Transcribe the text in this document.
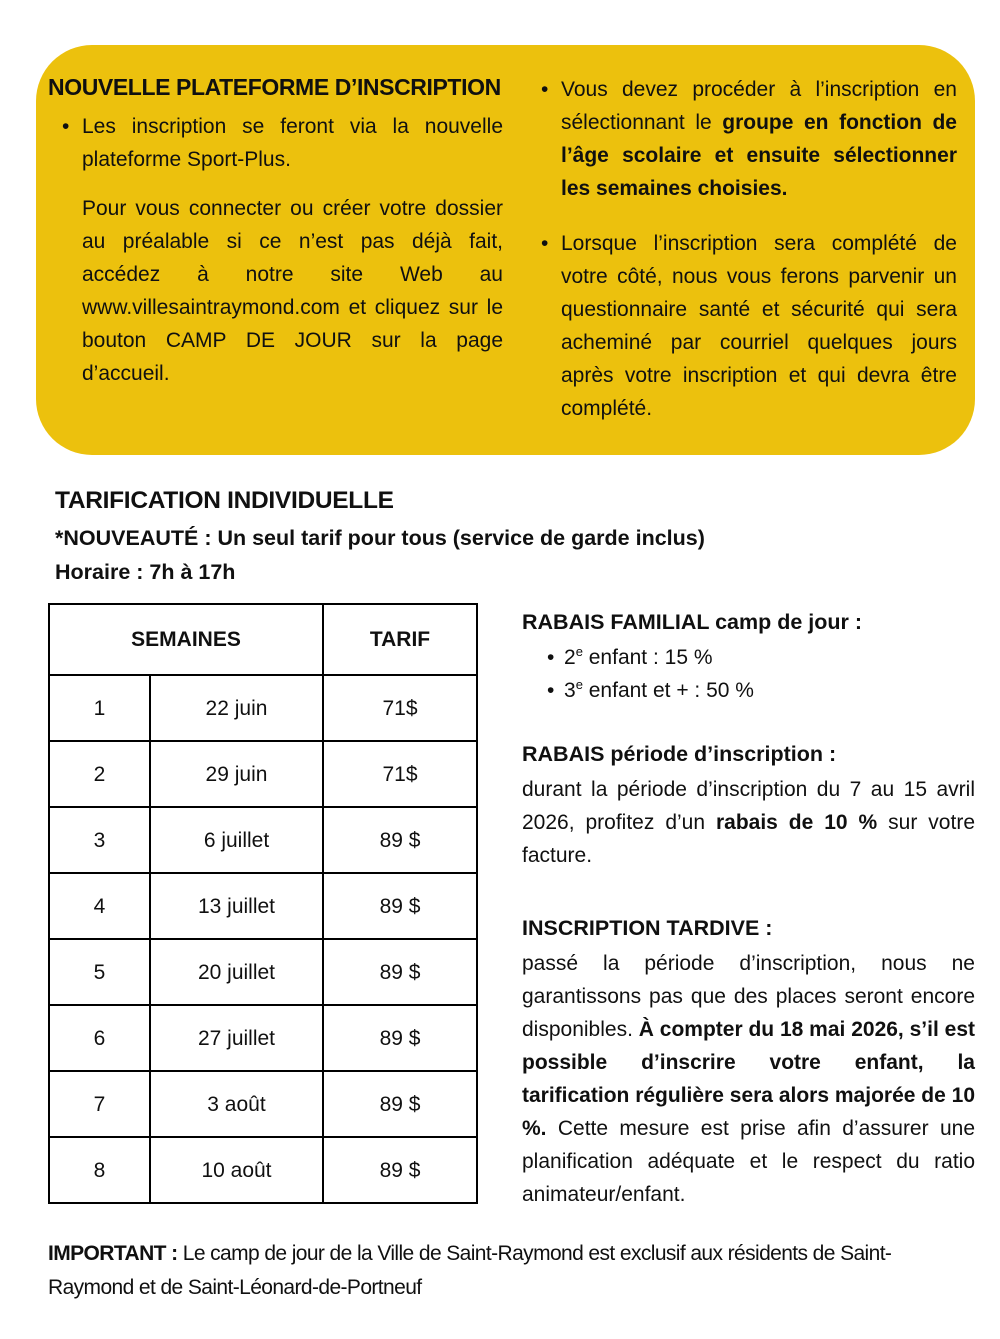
NOUVELLE PLATEFORME D’INSCRIPTION
• Les inscription se feront via la nouvelle plateforme Sport-Plus.

Pour vous connecter ou créer votre dossier au préalable si ce n’est pas déjà fait, accédez à notre site Web au www.villesaintraymond.com et cliquez sur le bouton CAMP DE JOUR sur la page d’accueil.

• Vous devez procéder à l’inscription en sélectionnant le groupe en fonction de l’âge scolaire et ensuite sélectionner les semaines choisies.
• Lorsque l’inscription sera complété de votre côté, nous vous ferons parvenir un questionnaire santé et sécurité qui sera acheminé par courriel quelques jours après votre inscription et qui devra être complété.
TARIFICATION INDIVIDUELLE

*NOUVEAUTÉ : Un seul tarif pour tous (service de garde inclus)

Horaire : 7h à 17h

SEMAINES		TARIF
1	22 juin	71$
2	29 juin	71$
3	6 juillet	89 $
4	13 juillet	89 $
5	20 juillet	89 $
6	27 juillet	89 $
7	3 août	89 $
8	10 août	89 $

RABAIS FAMILIAL camp de jour :

• 2e enfant : 15 %
• 3e enfant et + : 50 %

RABAIS période d’inscription :

durant la période d’inscription du 7 au 15 avril 2026, profitez d’un rabais de 10 % sur votre facture.

INSCRIPTION TARDIVE :

passé la période d’inscription, nous ne garantissons pas que des places seront encore disponibles. À compter du 18 mai 2026, s’il est possible d’inscrire votre enfant, la tarification régulière sera alors majorée de 10 %. Cette mesure est prise afin d’assurer une planification adéquate et le respect du ratio animateur/enfant.

IMPORTANT : Le camp de jour de la Ville de Saint-Raymond est exclusif aux résidents de Saint-Raymond et de Saint-Léonard-de-Portneuf
